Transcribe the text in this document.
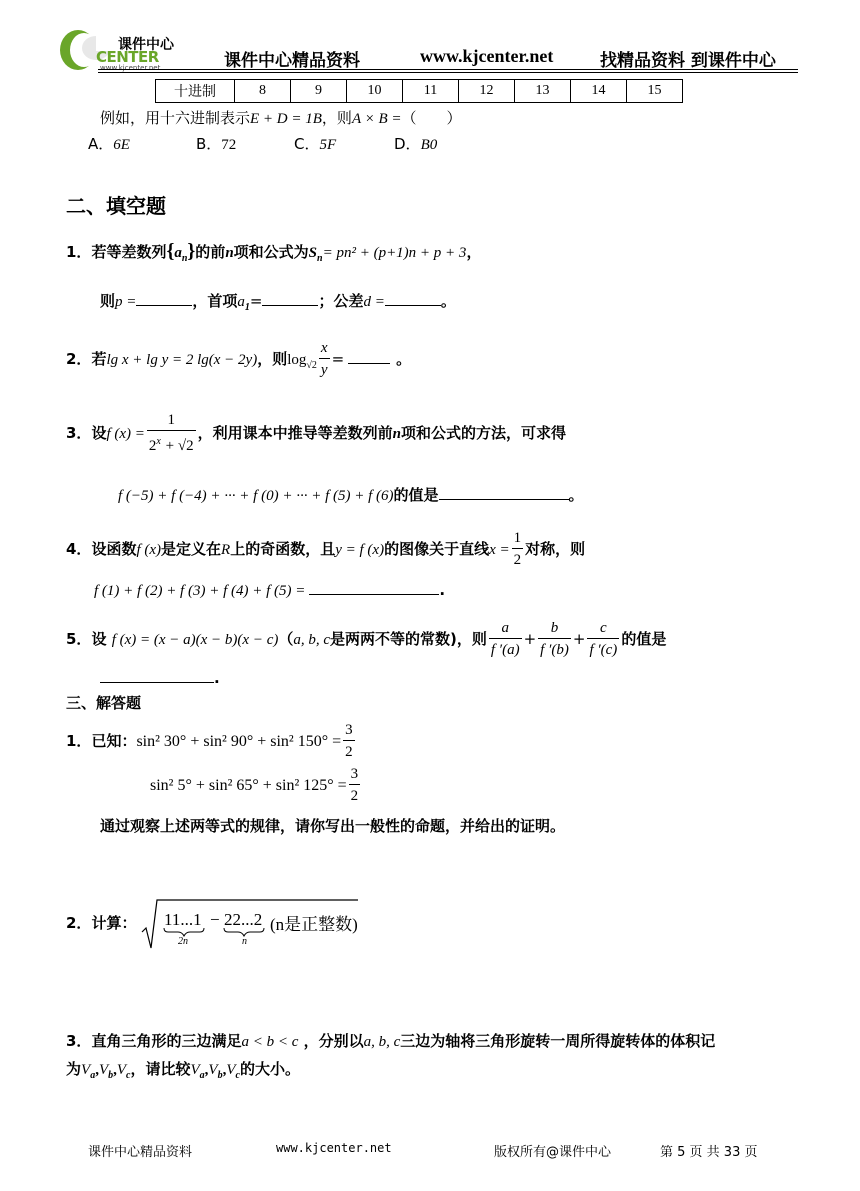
课件中心
CENTER
www.kjcenter.net	课件中心精品资料	www.kjcenter.net	找精品资料 到课件中心
十进制	8	9	10	11	12	13	14	15
例如，用十六进制表示E + D = 1B，则A × B =（　　）
A．6E	B．72	C．5F	D．B0
二、填空题
1．若等差数列$\{a_n\}$的前n项和公式为$S_n= pn^2 + (p+1)n + p + 3$，
则p =	，首项$a_1=$	；公差d =	。
2．若lg x + lg y = 2 lg(x − 2y)，则$\log_{√2} \frac{x}{y}$ =	。
3．设f $(x) = \frac{1}{2^x + √2}$ ，利用课本中推导等差数列前n项和公式的方法，可求得
f (−5) + f (−4) + ··· + f (0) + ··· + f (5) + f (6)的值是	。
4．设函数f (x)是定义在R上的奇函数，且y = f (x)的图像关于直线$x = \frac{1}{2}$ 对称，则
f (1) + f (2) + f (3) + f (4) + f (5) =	.
5．设 f (x) = (x − a)(x − b)(x − c)（a, b, c是两两不等的常数)，则 $\frac{a}{f '(a)} + \frac{b}{f '(b)} + \frac{c}{f '(c)}$ 的值是
.
三、解答题
1．已知：sin² 30° + sin² 90° + sin² $150^\circ = \frac{3}{2}$
sin² 5° + sin² 65° + sin² $125^\circ = \frac{3}{2}$
通过观察上述两等式的规律，请你写出一般性的命题，并给出的证明。
2．计算： 11...1
2n
− 22...2
n
(n是正整数)
3．直角三角形的三边满足a < b < c ，分别以a, b, c三边为轴将三角形旋转一周所得旋转体的体积记
为$V_a,V_b,V_c$，请比较$V_a,V_b,V_c$的大小。
课件中心精品资料	www.kjcenter.net	版权所有@课件中心	第 5 页 共 33 页
